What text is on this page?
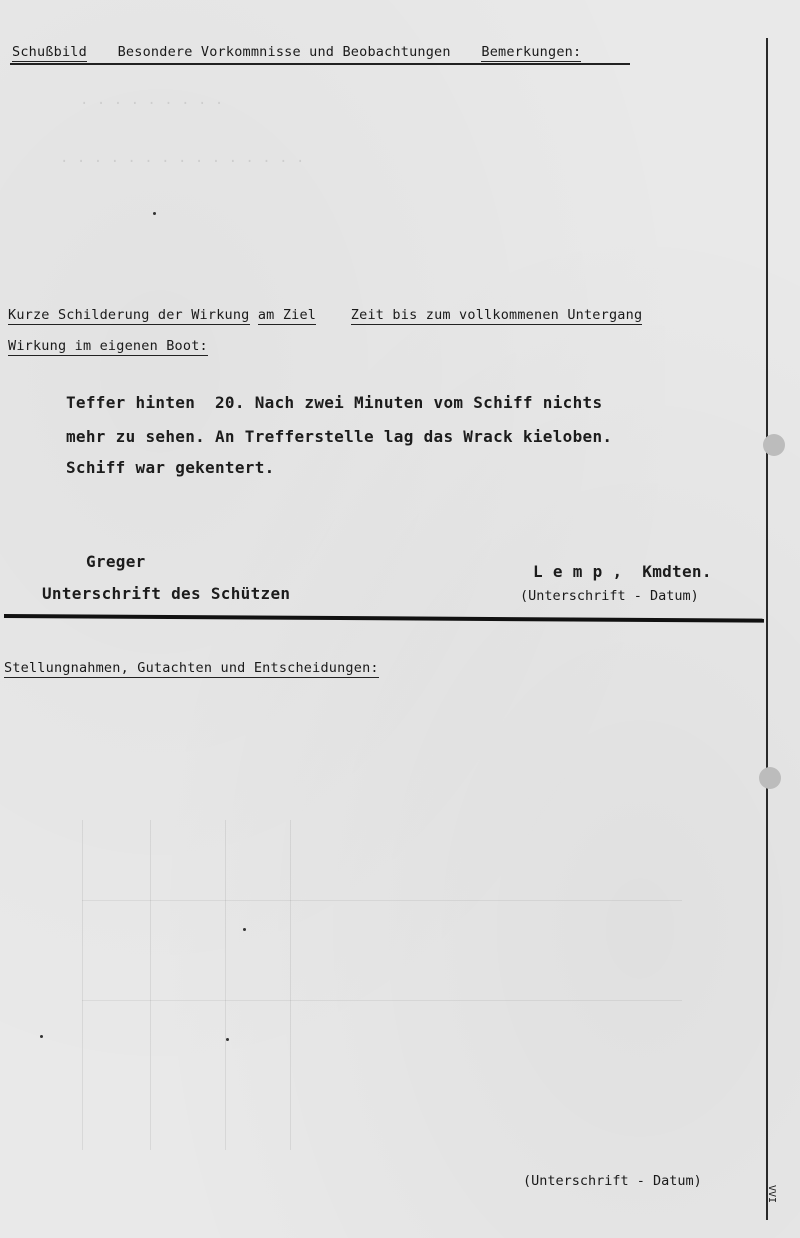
. . . . . . . . .
. . . . . . . . . . . . . . .
Schußbild Besondere Vorkommnisse und Beobachtungen Bemerkungen:
Kurze Schilderung der Wirkung am Ziel	Zeit bis zum vollkommenen Untergang
Wirkung im eigenen Boot:
Teffer hinten  20. Nach zwei Minuten vom Schiff nichts
mehr zu sehen. An Trefferstelle lag das Wrack kieloben.
Schiff war gekentert.
Greger
Unterschrift des Schützen
L e m p ,  Kmdten.
(Unterschrift - Datum)
Stellungnahmen, Gutachten und Entscheidungen:
(Unterschrift - Datum)
VVI
